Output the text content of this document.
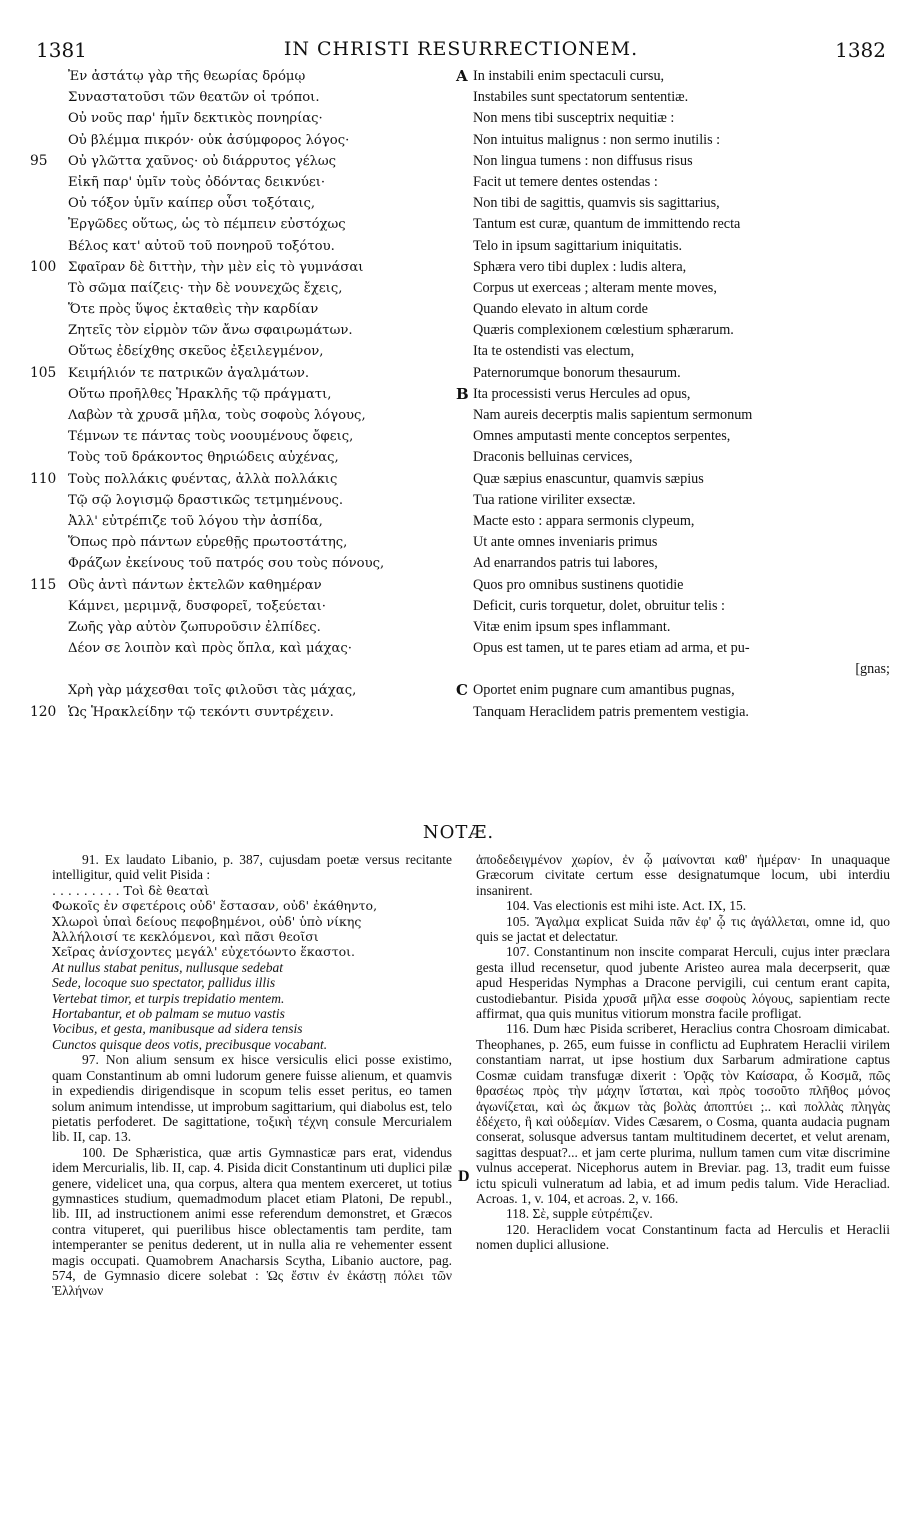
1381	IN CHRISTI RESURRECTIONEM.	1382
Ἐν ἀστάτῳ γὰρ τῆς θεωρίας δρόμῳ	A In instabili enim spectaculi cursu,
Συναστατοῦσι τῶν θεατῶν οἱ τρόποι.	Instabiles sunt spectatorum sententiæ.
Οὐ νοῦς παρ' ἡμῖν δεκτικὸς πονηρίας·	Non mens tibi susceptrix nequitiæ :
Οὐ βλέμμα πικρόν· οὐκ ἀσύμφορος λόγος·	Non intuitus malignus : non sermo inutilis :
95	Οὐ γλῶττα χαῦνος· οὐ διάρρυτος γέλως	Non lingua tumens : non diffusus risus
Εἰκῆ παρ' ὑμῖν τοὺς ὀδόντας δεικνύει·	Facit ut temere dentes ostendas :
Οὐ τόξον ὑμῖν καίπερ οὖσι τοξόταις,	Non tibi de sagittis, quamvis sis sagittarius,
Ἐργῶδες οὕτως, ὡς τὸ πέμπειν εὐστόχως	Tantum est curæ, quantum de immittendo recta
Βέλος κατ' αὐτοῦ τοῦ πονηροῦ τοξότου.	Telo in ipsum sagittarium iniquitatis.
100 Σφαῖραν δὲ διττὴν, τὴν μὲν εἰς τὸ γυμνάσαι	Sphæra vero tibi duplex : ludis altera,
Τὸ σῶμα παίζεις· τὴν δὲ νουνεχῶς ἔχεις,	Corpus ut exerceas ; alteram mente moves,
Ὅτε πρὸς ὕψος ἐκταθεὶς τὴν καρδίαν	Quando elevato in altum corde
Ζητεῖς τὸν εἱρμὸν τῶν ἄνω σφαιρωμάτων.	Quæris complexionem cœlestium sphærarum.
Οὕτως ἐδείχθης σκεῦος ἐξειλεγμένον,	Ita te ostendisti vas electum,
105 Κειμήλιόν τε πατρικῶν ἀγαλμάτων.	Paternorumque bonorum thesaurum.
Οὕτω προῆλθες Ἡρακλῆς τῷ πράγματι,	B Ita processisti verus Hercules ad opus,
Λαβὼν τὰ χρυσᾶ μῆλα, τοὺς σοφοὺς λόγους,	Nam aureis decerptis malis sapientum sermonum
Τέμνων τε πάντας τοὺς νοουμένους ὄφεις,	Omnes amputasti mente conceptos serpentes,
Τοὺς τοῦ δράκοντος θηριώδεις αὐχένας,	Draconis belluinas cervices,
110 Τοὺς πολλάκις φυέντας, ἀλλὰ πολλάκις	Quæ sæpius enascuntur, quamvis sæpius
Τῷ σῷ λογισμῷ δραστικῶς τετμημένους.	Tua ratione viriliter exsectæ.
Ἀλλ' εὐτρέπιζε τοῦ λόγου τὴν ἀσπίδα,	Macte esto : appara sermonis clypeum,
Ὅπως πρὸ πάντων εὑρεθῇς πρωτοστάτης,	Ut ante omnes inveniaris primus
Φράζων ἐκείνους τοῦ πατρός σου τοὺς πόνους,	Ad enarrandos patris tui labores,
115 Οὓς ἀντὶ πάντων ἐκτελῶν καθημέραν	Quos pro omnibus sustinens quotidie
Κάμνει, μεριμνᾷ, δυσφορεῖ, τοξεύεται·	Deficit, curis torquetur, dolet, obruitur telis :
Ζωῆς γὰρ αὐτὸν ζωπυροῦσιν ἐλπίδες.	Vitæ enim ipsum spes inflammant.
Δέον σε λοιπὸν καὶ πρὸς ὅπλα, καὶ μάχας·	Opus est tamen, ut te pares etiam ad arma, et pu-
[gnas;
Χρὴ γὰρ μάχεσθαι τοῖς φιλοῦσι τὰς μάχας,	C Oportet enim pugnare cum amantibus pugnas,
120 Ὡς Ἡρακλείδην τῷ τεκόντι συντρέχειν.	Tanquam Heraclidem patris prementem vestigia.
NOTÆ.

91. Ex laudato Libanio, p. 387, cujusdam poetæ versus recitante intelligitur, quid velit Pisida :

. . . . . . . . . Τοὶ δὲ θεαταὶ

Φωκοῖς ἐν σφετέροις οὐδ' ἔστασαν, οὐδ' ἐκάθηντο,

Χλωροὶ ὑπαὶ δείους πεφοβημένοι, οὐδ' ὑπὸ νίκης

Ἀλλήλοισί τε κεκλόμενοι, καὶ πᾶσι θεοῖσι

Χεῖρας ἀνίσχοντες μεγάλ' εὐχετόωντο ἕκαστοι.

At nullus stabat penitus, nullusque sedebat

Sede, locoque suo spectator, pallidus illis

Vertebat timor, et turpis trepidatio mentem.

Hortabantur, et ob palmam se mutuo vastis

Vocibus, et gesta, manibusque ad sidera tensis

Cunctos quisque deos votis, precibusque vocabant.

97. Non alium sensum ex hisce versiculis elici posse existimo, quam Constantinum ab omni ludorum genere fuisse alienum, et quamvis in expediendis dirigendisque in scopum telis esset peritus, eo tamen solum animum intendisse, ut improbum sagittarium, qui diabolus est, telo pietatis perfoderet. De sagittatione, τοξικὴ τέχνη consule Mercurialem lib. II, cap. 13.

100. De Sphæristica, quæ artis Gymnasticæ pars erat, videndus idem Mercurialis, lib. II, cap. 4. Pisida dicit Constantinum uti duplici pilæ genere, videlicet una, qua corpus, altera qua mentem exerceret, ut totius gymnastices studium, quemadmodum placet etiam Platoni, De republ., lib. III, ad instructionem animi esse referendum demonstret, et Græcos contra vituperet, qui puerilibus hisce oblectamentis tam perdite, tam intemperanter se penitus dederent, ut in nulla alia re vehementer essent magis occupati. Quamobrem Anacharsis Scytha, Libanio auctore, pag. 574, de Gymnasio dicere solebat : Ὡς ἔστιν ἐν ἑκάστῃ πόλει τῶν Ἑλλήνων

D

ἀποδεδειγμένον χωρίον, ἐν ᾧ μαίνονται καθ' ἡμέραν· In unaquaque Græcorum civitate certum esse designatumque locum, ubi interdiu insanirent.

104. Vas electionis est mihi iste. Act. IX, 15.

105. Ἄγαλμα explicat Suida πᾶν ἐφ' ᾧ τις ἀγάλλεται, omne id, quo quis se jactat et delectatur.

107. Constantinum non inscite comparat Herculi, cujus inter præclara gesta illud recensetur, quod jubente Aristeo aurea mala decerpserit, quæ apud Hesperidas Nymphas a Dracone pervigili, cui centum erant capita, custodiebantur. Pisida χρυσᾶ μῆλα esse σοφοὺς λόγους, sapientiam recte affirmat, qua quis munitus vitiorum monstra facile profligat.

116. Dum hæc Pisida scriberet, Heraclius contra Chosroam dimicabat. Theophanes, p. 265, eum fuisse in conflictu ad Euphratem Heraclii virilem constantiam narrat, ut ipse hostium dux Sarbarum admiratione captus Cosmæ cuidam transfugæ dixerit : Ὁρᾷς τὸν Καίσαρα, ὦ Κοσμᾶ, πῶς θρασέως πρὸς τὴν μάχην ἵσταται, καὶ πρὸς τοσοῦτο πλῆθος μόνος ἀγωνίζεται, καὶ ὡς ἄκμων τὰς βολὰς ἀποπτύει ;.. καὶ πολλὰς πληγὰς ἐδέχετο, ἢ καὶ οὐδεμίαν. Vides Cæsarem, o Cosma, quanta audacia pugnam conserat, solusque adversus tantam multitudinem decertet, et velut arenam, sagittas despuat?... et jam certe plurima, nullum tamen cum vitæ discrimine vulnus acceperat. Nicephorus autem in Breviar. pag. 13, tradit eum fuisse ictu spiculi vulneratum ad labia, et ad imum pedis talum. Vide Heracliad. Acroas. 1, v. 104, et acroas. 2, v. 166.

118. Σὲ, supple εὐτρέπιζεν.

120. Heraclidem vocat Constantinum facta ad Herculis et Heraclii nomen duplici allusione.
